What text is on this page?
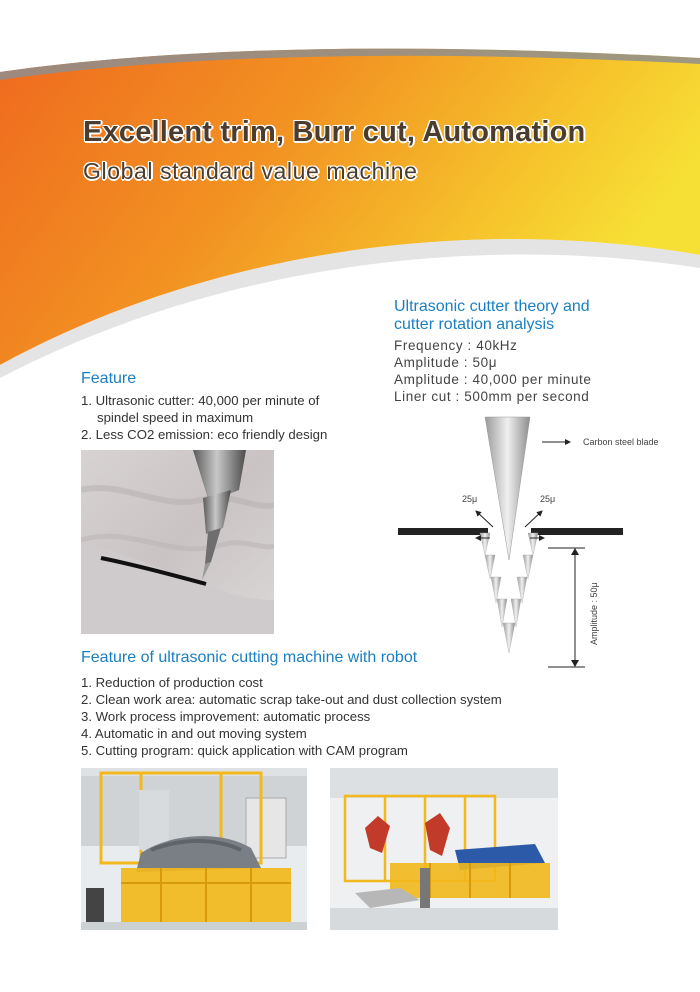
Excellent trim, Burr cut, Automation
Global standard value machine
Ultrasonic cutter theory and
cutter rotation analysis
Frequency : 40kHz
Amplitude : 50μ
Amplitude : 40,000 per minute
Liner cut : 500mm per second
Feature
1. Ultrasonic cutter: 40,000 per minute of
spindel speed in maximum
2. Less CO2 emission: eco friendly design	Carbon steel blade
25μ	25μ
Amplitude : 50μ
Feature of ultrasonic cutting machine with robot
1. Reduction of production cost
2. Clean work area: automatic scrap take-out and dust collection system
3. Work process improvement: automatic process
4. Automatic in and out moving system
5. Cutting program: quick application with CAM program
